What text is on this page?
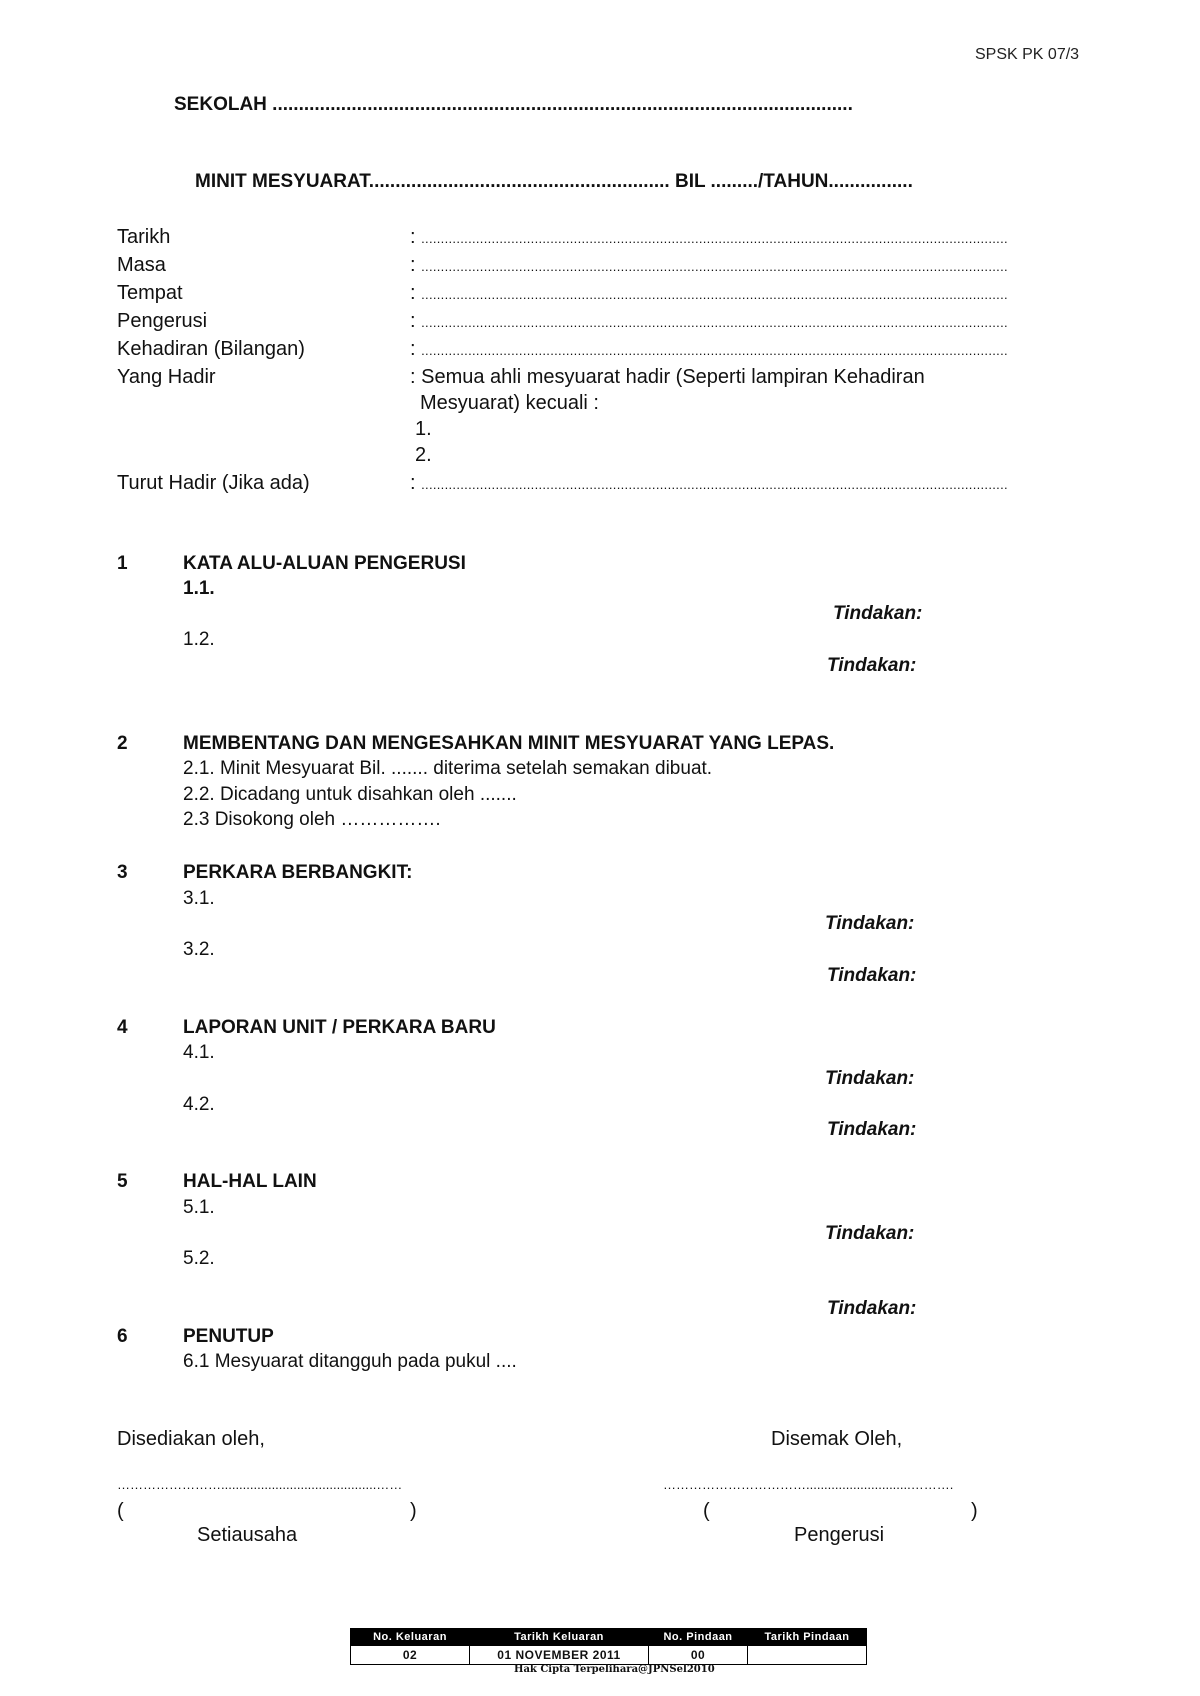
SPSK PK 07/3
SEKOLAH ..............................................................................................................
MINIT MESYUARAT......................................................... BIL ........./TAHUN................
Tarikh	: ......................................................................................................................................................
Masa	: ......................................................................................................................................................
Tempat	: ......................................................................................................................................................
Pengerusi	: ......................................................................................................................................................
Kehadiran (Bilangan)	: ......................................................................................................................................................
Yang Hadir	: Semua ahli mesyuarat hadir (Seperti lampiran Kehadiran
Mesyuarat) kecuali :
1.
2.
Turut Hadir (Jika ada)	: ......................................................................................................................................................
1	KATA ALU-ALUAN PENGERUSI
1.1.
Tindakan:
1.2.
Tindakan:
2	MEMBENTANG DAN MENGESAHKAN MINIT MESYUARAT YANG LEPAS.
2.1. Minit Mesyuarat Bil. ....... diterima setelah semakan dibuat.
2.2. Dicadang untuk disahkan oleh .......
2.3 Disokong oleh …………….
3	PERKARA BERBANGKIT:
3.1.
Tindakan:
3.2.
Tindakan:
4	LAPORAN UNIT / PERKARA BARU
4.1.
Tindakan:
4.2.
Tindakan:
5	HAL-HAL LAIN
5.1.
Tindakan:
5.2.
Tindakan:
6	PENUTUP
6.1 Mesyuarat ditangguh pada pukul ....
Disediakan oleh,	Disemak Oleh,
……………………...........................................……	…………………………….............................……….
(	)	(	)
Setiausaha	Pengerusi
No. Keluaran	Tarikh Keluaran	No. Pindaan	Tarikh Pindaan
02	01 NOVEMBER 2011	00	
Hak Cipta Terpelihara@JPNSel2010
